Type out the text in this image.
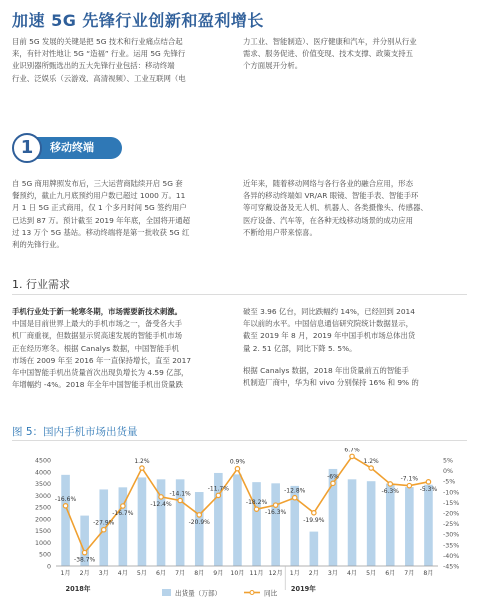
加速 5G 先锋行业创新和盈利增长
目前 5G 发展的关键是把 5G 技术和行业痛点结合起
来，有针对性地让 5G “造福” 行业。运用 5G 先锋行
业识别器所甄选出的五大先锋行业包括：移动终端
行业、泛娱乐（云游戏、高清视频）、工业互联网（电
力工业、智能制造）、医疗健康和汽车，并分别从行业
需求、服务促进、价值变现、技术支撑、政策支持五
个方面展开分析。
1	移动终端
自 5G 商用牌照发布后，三大运营商陆续开启 5G 套
餐预约，截止九月底预约用户数已超过 1000 万。11
月 1 日 5G 正式商用，仅 1 个多月时间 5G 签约用户
已达到 87 万。预计截至 2019 年年底，全国将开通超
过 13 万个 5G 基站。移动终端将是第一批收获 5G 红
利的先锋行业。
近年来，随着移动网络与各行各业的融合应用，形态
各异的移动终端如 VR/AR 眼镜、智能手表、智能手环
等可穿戴设备及无人机、机器人、各类摄像头、传感器、
医疗设备、汽车等，在各种无线移动场景的成功应用
不断给用户带来惊喜。
1. 行业需求
手机行业处于新一轮寒冬期，市场需要新技术刺激。
中国是目前世界上最大的手机市场之一，备受各大手
机厂商重视，但数据显示贸高速发展的智能手机市场
正在经历寒冬。根据 Canalys 数据，中国智能手机
市场在 2009 年至 2016 年一直保持增长，直至 2017
年中国智能手机出货量首次出现负增长为 4.59 亿部，
年增幅约 -4%。2018 年全年中国智能手机出货量跌
破至 3.96 亿台，同比跌幅约 14%，已经回到 2014
年以前的水平。中国信息通信研究院统计数据显示，
截至 2019 年 8 月，2019 年中国手机市场总体出货
量 2. 51 亿部，同比下降 5. 5%。
根据 Canalys 数据，2018 年出货量前五的智能手
机制造厂商中，华为和 vivo 分别保持 16% 和 9% 的
图 5：国内手机市场出货量
0
500
1000
1500
2000
2500
3000
3500
4000
4500	5%
0%
-5%
-10%
-15%
-20%
-25%
-30%
-35%
-40%
-45%
-16.6%
-38.7%
-27.9%
-16.7%
1.2%
-12.4%
-14.1%
-20.9%
-11.7%
0.9%
-18.2%
-16.3%
-12.8%
-19.9%
-6%
6.7%
1.2%
-6.3%
-7.1%
-5.3%
1月 2月 3月 4月 5月 6月 7月 8月 9月 10月 11月 12月 1月 2月 3月 4月 5月 6月 7月 8月
2018年	2019年
出货量（万部）	同比
